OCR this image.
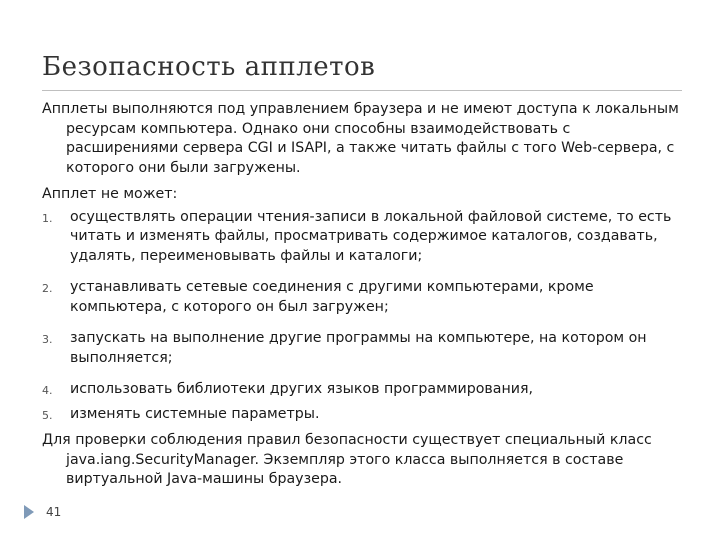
Безопасность апплетов

Апплеты выполняются под управлением браузера и не имеют доступа к локальным ресурсам компьютера. Однако они способны взаимодействовать с расширениями сервера CGI и ISAPI, а также читать файлы с того Web-сервера, с которого они были загружены.

Апплет не может:

1. осуществлять операции чтения-записи в локальной файловой системе, то есть читать и изменять файлы, просматривать содержимое каталогов, создавать, удалять, переименовывать файлы и каталоги;
2. устанавливать сетевые соединения с другими компьютерами, кроме компьютера, с которого он был загружен;
3. запускать на выполнение другие программы на компьютере, на котором он выполняется;
4. использовать библиотеки других языков программирования,
5. изменять системные параметры.

Для проверки соблюдения правил безопасности существует специальный класс java.iang.SecurityManager. Экземпляр этого класса выполняется в составе виртуальной Java-машины браузера.

41
